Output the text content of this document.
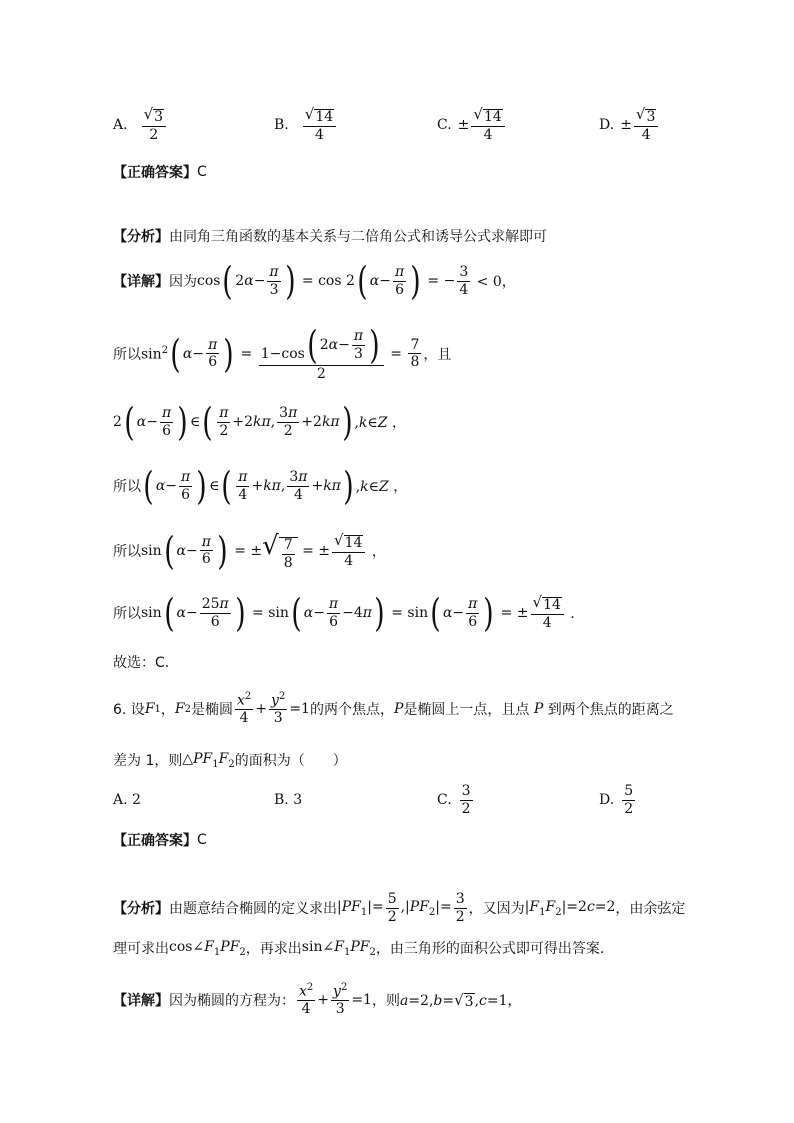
A. $\frac{√ 3}{2}$	B. $\frac{√ 14}{4}$	C. ± $\frac{√ 14}{4}$	D. ± $\frac{√ 3}{4}$
【正确答案】 C
【分析】 由同角三角函数的基本关系与二倍角公式和诱导公式求解即可
【详解】 因为 cos ( 2 $\alpha - \frac{\pi}{3}$ ) = cos 2 ( $\alpha - \frac{\pi}{6}$ ) = − $\frac{3}{4} < 0$，
所以 $\sin^2$ ( $\alpha - \frac{\pi}{6}$ ) = $\frac{1-\cos ( 2 \alpha - \frac{\pi}{3} )}{2} = \frac{7}{8}$ ，且
2 ( $\alpha - \frac{\pi}{6}$ ) ∈ ( $\frac{\pi}{2} +2$ kπ , $\frac{3\pi}{2} +2$ kπ ) ,k∈Z ，
所以 ( $\alpha - \frac{\pi}{6}$ ) ∈ ( $\frac{\pi}{4} + k\pi$ , $\frac{3\pi}{4} + k\pi$ ) ,k∈Z ，
所以 sin ( $\alpha - \frac{\pi}{6}$ ) = ± √ $\frac{7}{8}$ = ± $\frac{√ 14}{4}$ ，
所以 sin ( $\alpha - \frac{25\pi}{6}$ ) = sin ( $\alpha - \frac{\pi}{6} -4$ π ) = sin ( $\alpha - \frac{\pi}{6}$ ) = ± $\frac{√ 14}{4}$ ．
故选：C．
6. 设 F 1 ， F 2 是椭圆 $\frac{x^2}{4} + \frac{y^2}{3} =1$ 的两个焦点， P 是椭圆上一点，且点 P 到两个焦点的距离之
差为 1，则 $\triangle PF_1F_2$ 的面积为（　　）
A.
2	B.
3	C. $\frac{3}{2}$	D. $\frac{5}{2}$
【正确答案】 C
【分析】 由题意结合椭圆的定义求出 $|PF_1|= \frac{5}{2} ,|PF_2|= \frac{3}{2}$ ，又因为 $|F_1F_2|=2c=2$ ，由余弦定
理可求出 $\cos\angle F_1PF_2$ ，再求出 $\sin\angle F_1PF_2$ ，由三角形的面积公式即可得出答案.
【详解】 因为椭圆的方程为： $\frac{x^2}{4} + \frac{y^2}{3} =1$ ，则 a=2,b= √ 3 ,c=1，
